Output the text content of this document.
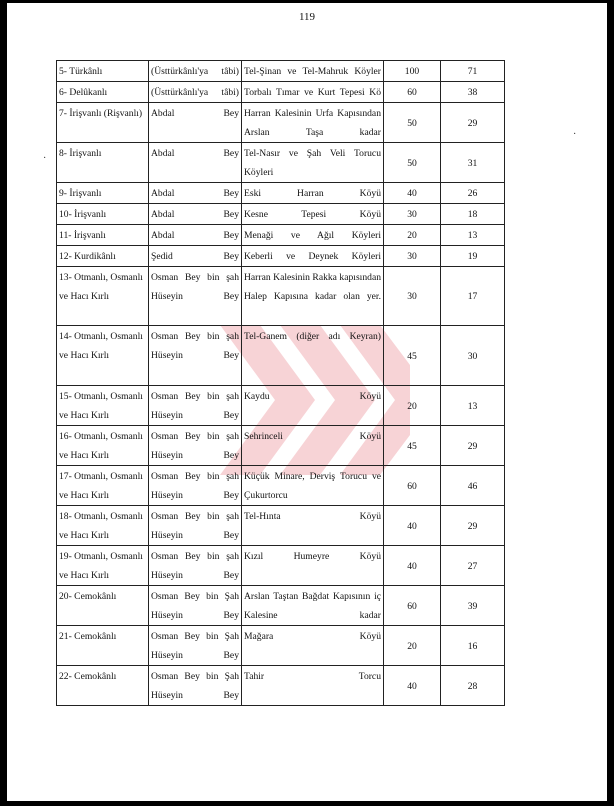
119
·
·
5- Türkânlı	(Üsttürkânlı'ya tâbi)	Tel-Şinan ve Tel-Mahruk Köyler	100	71
6- Delûkanlı	(Üsttürkânlı'ya tâbi)	Torbalı Tımar ve Kurt Tepesi Kö	60	38
7- İrişvanlı (Rişvanlı)	Abdal Bey	Harran Kalesinin Urfa Kapısından Arslan Taşa kadar	50	29
8- İrişvanlı	Abdal Bey	Tel-Nasır ve Şah Veli Torucu Köyleri	50	31
9- İrişvanlı	Abdal Bey	Eski Harran Köyü	40	26
10- İrişvanlı	Abdal Bey	Kesne Tepesi Köyü	30	18
11- İrişvanlı	Abdal Bey	Menaği ve Ağıl Köyleri	20	13
12- Kurdikânlı	Şedid Bey	Keberli ve Deynek Köyleri	30	19
13- Otmanlı, Osmanlı ve Hacı Kırlı	Osman Bey bin şah Hüseyin Bey	Harran Kalesinin Rakka kapısından Halep Kapısına kadar olan yer.	30	17
14- Otmanlı, Osmanlı ve Hacı Kırlı	Osman Bey bin şah Hüseyin Bey	Tel-Ganem (diğer adı Keyran)	45	30
15- Otmanlı, Osmanlı ve Hacı Kırlı	Osman Bey bin şah Hüseyin Bey	Kaydu Köyü	20	13
16- Otmanlı, Osmanlı ve Hacı Kırlı	Osman Bey bin şah Hüseyin Bey	Sehrinceli Köyü	45	29
17- Otmanlı, Osmanlı ve Hacı Kırlı	Osman Bey bin şah Hüseyin Bey	Küçük Minare, Derviş Torucu ve Çukurtorcu	60	46
18- Otmanlı, Osmanlı ve Hacı Kırlı	Osman Bey bin şah Hüseyin Bey	Tel-Hınta Köyü	40	29
19- Otmanlı, Osmanlı ve Hacı Kırlı	Osman Bey bin şah Hüseyin Bey	Kızıl Humeyre Köyü	40	27
20- Cemokânlı	Osman Bey bin Şah Hüseyin Bey	Arslan Taştan Bağdat Kapısının iç Kalesine kadar	60	39
21- Cemokânlı	Osman Bey bin Şah Hüseyin Bey	Mağara Köyü	20	16
22- Cemokânlı	Osman Bey bin Şah Hüseyin Bey	Tahir Torcu	40	28
